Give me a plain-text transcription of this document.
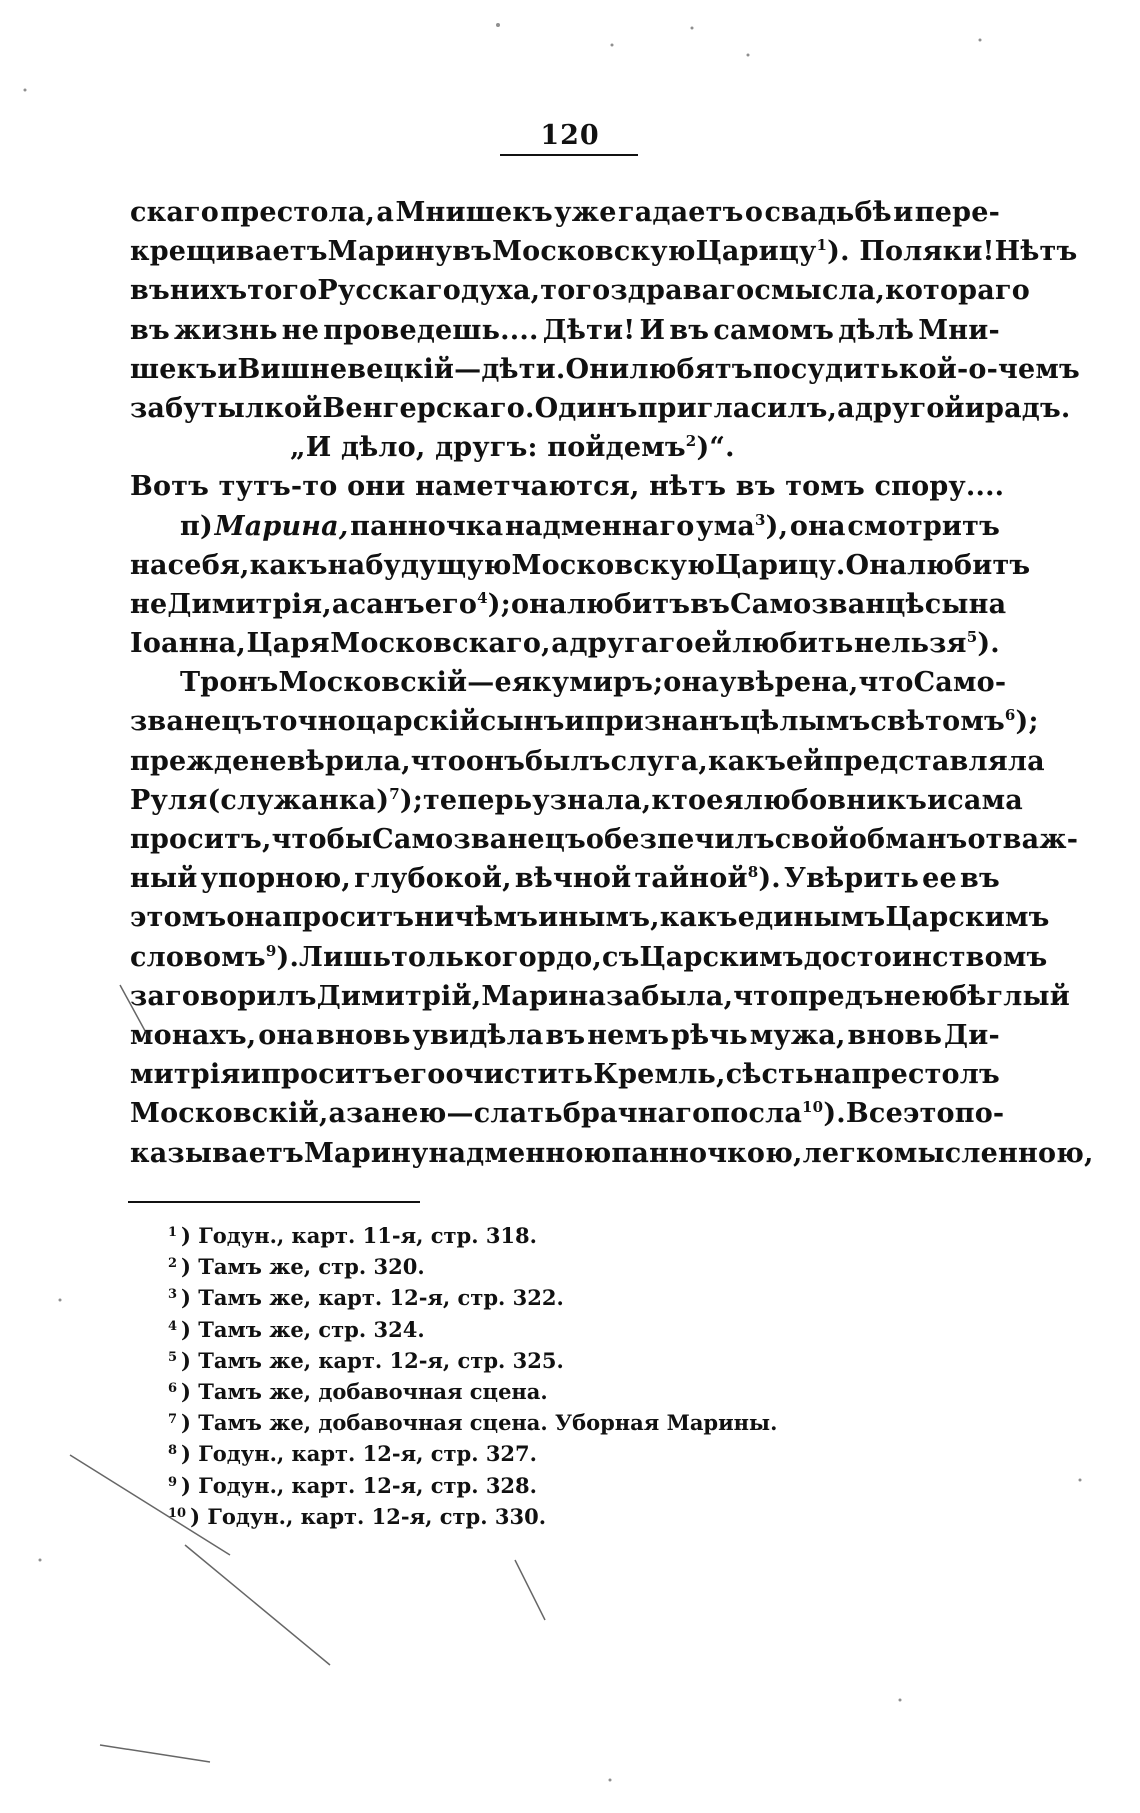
120
скаго престола, а Мнишекъ уже гадаетъ о свадьбѣ и пере-
крещиваетъ Марину въ Московскую Царицу$^1$ ). Поляки! Нѣтъ
въ нихъ того Русскаго духа, того здраваго смысла, котораго
въ жизнь не проведешь.... Дѣти! И въ самомъ дѣлѣ Мни-
шекъ и Вишневецкій—дѣти. Они любятъ посудить кой-о-чемъ
за бутылкой Венгерскаго. Одинъ пригласилъ, а другой и радъ.
„И дѣло, другъ: пойдемъ$^2$)“.
Вотъ тутъ-то они наметчаются, нѣтъ въ томъ спору....
п) Марина, панночка надменнаго ума$^3$), она смотритъ
на себя, какъ на будущую Московскую Царицу. Она любитъ
не Димитрія, а санъ его$^4$); она любитъ въ Самозванцѣ сына
Іоанна, Царя Московскаго, а другаго ей любить нельзя$^5$).
Тронъ Московскій — ея кумиръ; она увѣрена, что Само-
званецъ точно царскій сынъ и признанъ цѣлымъ свѣтомъ$^6$);
прежде не вѣрила, что онъ былъ слуга, какъ ей представляла
Руля (служанка)$^7$); теперь узнала, кто ея любовникъ и сама
проситъ, чтобы Самозванецъ обезпечилъ свой обманъ отваж-
ный упорною, глубокой, вѣчной тайной$^8$). Увѣрить ее въ
этомъ она проситъ ничѣмъ инымъ, какъ единымъ Царскимъ
словомъ$^9$). Лишь только гордо, съ Царскимъ достоинствомъ
заговорилъ Димитрій, Марина забыла, что предъ нею бѣглый
монахъ, она вновь увидѣла въ немъ рѣчь мужа, вновь Ди-
митрія и проситъ его очистить Кремль, сѣсть на престолъ
Московскій, а за нею—слать брачнаго посла$^{10}$). Все это по-
казываетъ Марину надменною панночкою, легкомысленною,
$^1$ ) Годун., карт. 11-я, стр. 318.
$^2$ ) Тамъ же, стр. 320.
$^3$ ) Тамъ же, карт. 12-я, стр. 322.
$^4$ ) Тамъ же, стр. 324.
$^5$ ) Тамъ же, карт. 12-я, стр. 325.
$^6$ ) Тамъ же, добавочная сцена.
$^7$ ) Тамъ же, добавочная сцена. Уборная Марины.
$^8$ ) Годун., карт. 12-я, стр. 327.
$^9$ ) Годун., карт. 12-я, стр. 328.
$^{10}$ ) Годун., карт. 12-я, стр. 330.
